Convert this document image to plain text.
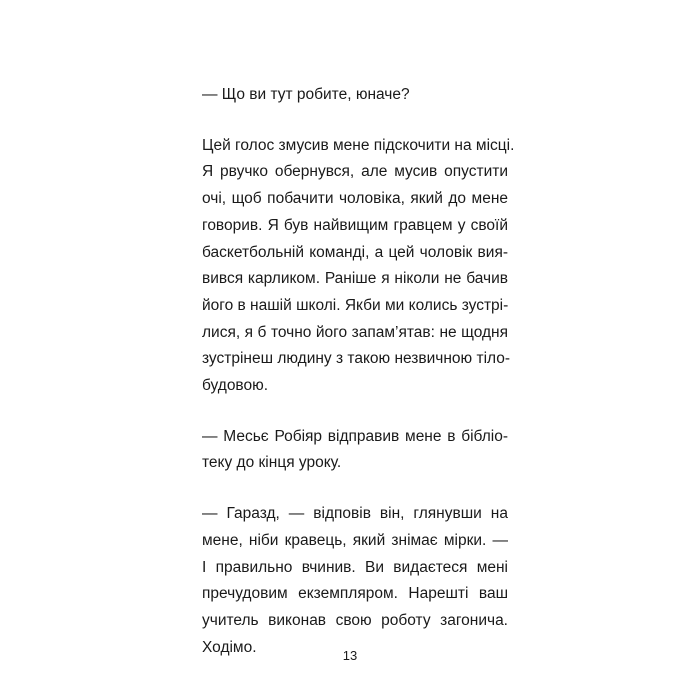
— Що ви тут робите, юначе?
Цей голос змусив мене підскочити на місці.
Я рвучко обернувся, але мусив опустити
очі, щоб побачити чоловіка, який до мене
говорив. Я був найвищим гравцем у своїй
баскетбольній команді, а цей чоловік вия-
вився карликом. Раніше я ніколи не бачив
його в нашій школі. Якби ми колись зустрі-
лися, я б точно його запам’ятав: не щодня
зустрінеш людину з такою незвичною тіло-
будовою.
— Месьє Робіяр відправив мене в бібліо-
теку до кінця уроку.
— Гаразд, — відповів він, глянувши на
мене, ніби кравець, який знімає мірки. —
І правильно вчинив. Ви видаєтеся мені
пречудовим екземпляром. Нарешті ваш
учитель виконав свою роботу загонича.
Ходімо.	13
